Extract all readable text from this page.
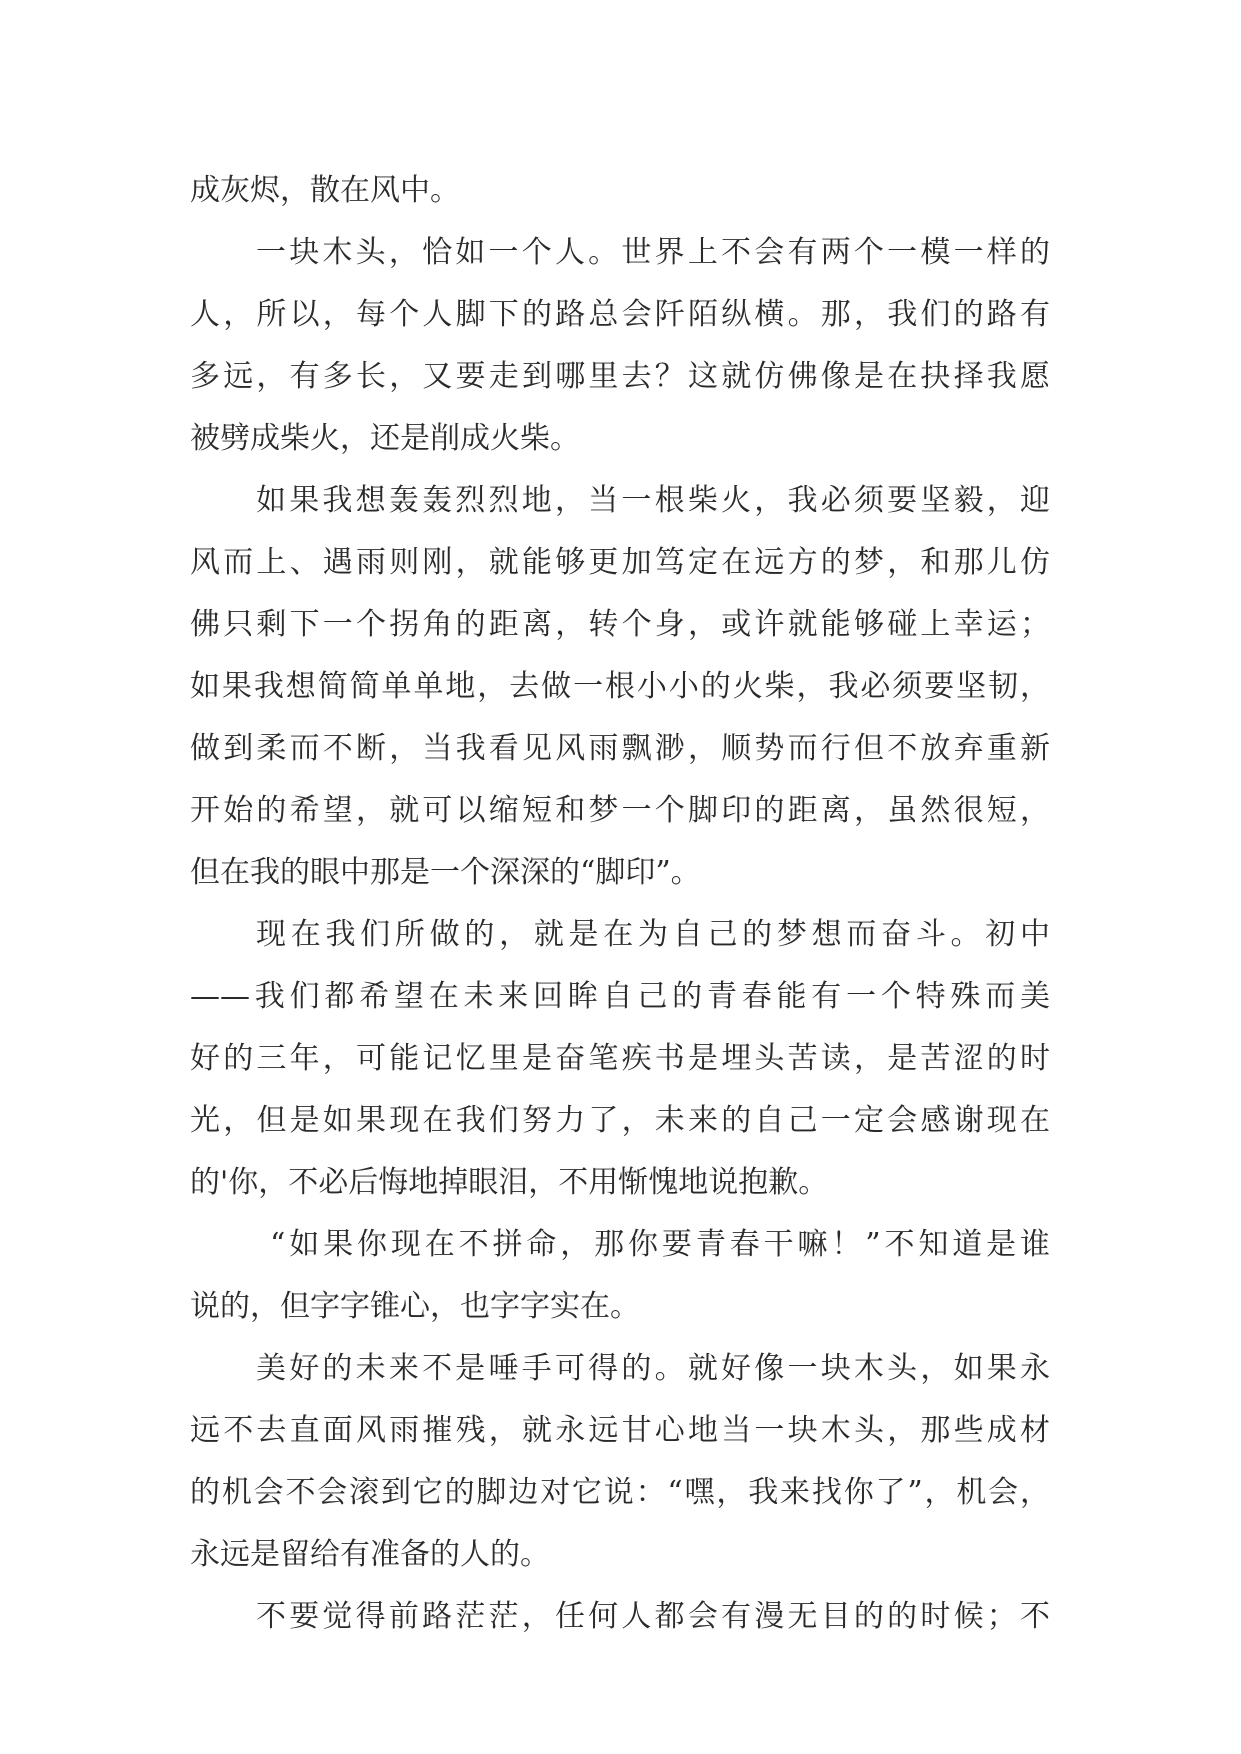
成灰烬，散在风中。
一块木头，恰如一个人。世界上不会有两个一模一样的
人，所以，每个人脚下的路总会阡陌纵横。那，我们的路有
多远，有多长，又要走到哪里去？这就仿佛像是在抉择我愿
被劈成柴火，还是削成火柴。
如果我想轰轰烈烈地，当一根柴火，我必须要坚毅，迎
风而上、遇雨则刚，就能够更加笃定在远方的梦，和那儿仿
佛只剩下一个拐角的距离，转个身，或许就能够碰上幸运；
如果我想简简单单地，去做一根小小的火柴，我必须要坚韧，
做到柔而不断，当我看见风雨飘渺，顺势而行但不放弃重新
开始的希望，就可以缩短和梦一个脚印的距离，虽然很短，
但在我的眼中那是一个深深的“脚印”。
现在我们所做的，就是在为自己的梦想而奋斗。初中
——我们都希望在未来回眸自己的青春能有一个特殊而美
好的三年，可能记忆里是奋笔疾书是埋头苦读，是苦涩的时
光，但是如果现在我们努力了，未来的自己一定会感谢现在
的'你，不必后悔地掉眼泪，不用惭愧地说抱歉。
“如果你现在不拼命，那你要青春干嘛！”不知道是谁
说的，但字字锥心，也字字实在。
美好的未来不是唾手可得的。就好像一块木头，如果永
远不去直面风雨摧残，就永远甘心地当一块木头，那些成材
的机会不会滚到它的脚边对它说：“嘿，我来找你了”，机会，
永远是留给有准备的人的。
不要觉得前路茫茫，任何人都会有漫无目的的时候；不
